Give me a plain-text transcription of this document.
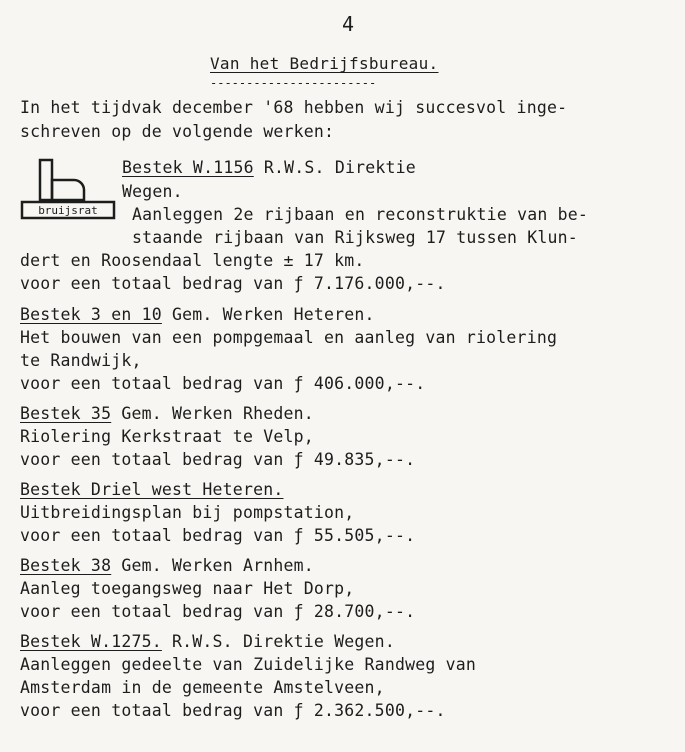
4
Van het Bedrijfsbureau.
-----------------------
In het tijdvak december '68 hebben wij succesvol inge-
schreven op de volgende werken:
bruijsrat
Bestek W.1156 R.W.S. Direktie
Wegen.
Aanleggen 2e rijbaan en reconstruktie van be-
staande rijbaan van Rijksweg 17 tussen Klun-
dert en Roosendaal lengte ± 17 km.
voor een totaal bedrag van ƒ 7.176.000,--.
Bestek 3 en 10 Gem. Werken Heteren.
Het bouwen van een pompgemaal en aanleg van riolering
te Randwijk,
voor een totaal bedrag van ƒ 406.000,--.
Bestek 35 Gem. Werken Rheden.
Riolering Kerkstraat te Velp,
voor een totaal bedrag van ƒ 49.835,--.
Bestek Driel west Heteren.
Uitbreidingsplan bij pompstation,
voor een totaal bedrag van ƒ 55.505,--.
Bestek 38 Gem. Werken Arnhem.
Aanleg toegangsweg naar Het Dorp,
voor een totaal bedrag van ƒ 28.700,--.
Bestek W.1275. R.W.S. Direktie Wegen.
Aanleggen gedeelte van Zuidelijke Randweg van
Amsterdam in de gemeente Amstelveen,
voor een totaal bedrag van ƒ 2.362.500,--.
